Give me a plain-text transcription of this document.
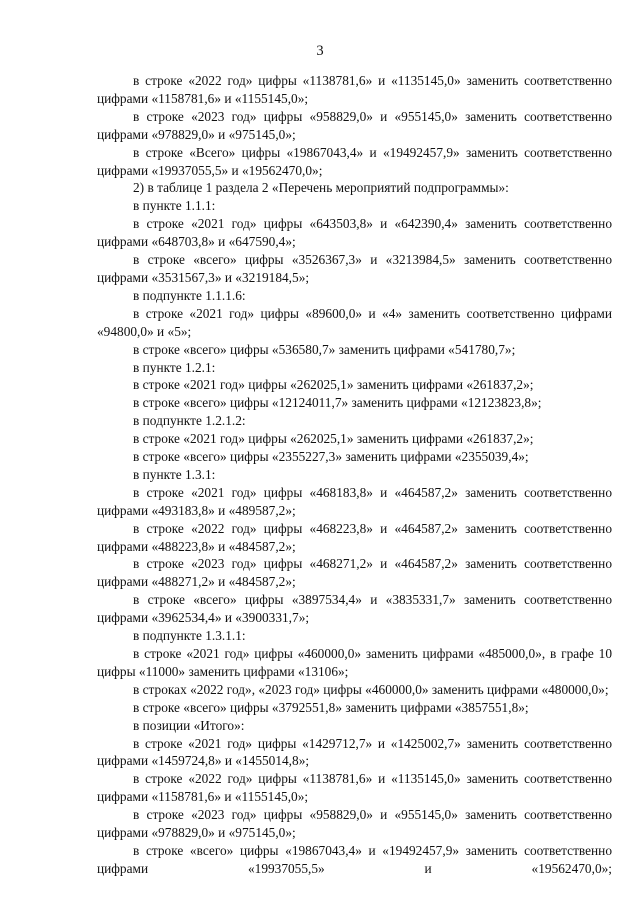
3

в строке «2022 год» цифры «1138781,6» и «1135145,0» заменить соответственно цифрами «1158781,6» и «1155145,0»;

в строке «2023 год» цифры «958829,0» и «955145,0» заменить соответственно цифрами «978829,0» и «975145,0»;

в строке «Всего» цифры «19867043,4» и «19492457,9» заменить соответственно цифрами «19937055,5» и «19562470,0»;

2) в таблице 1 раздела 2 «Перечень мероприятий подпрограммы»:

в пункте 1.1.1:

в строке «2021 год» цифры «643503,8» и «642390,4» заменить соответственно цифрами «648703,8» и «647590,4»;

в строке «всего» цифры «3526367,3» и «3213984,5» заменить соответственно цифрами «3531567,3» и «3219184,5»;

в подпункте 1.1.1.6:

в строке «2021 год» цифры «89600,0» и «4» заменить соответственно цифрами «94800,0» и «5»;

в строке «всего» цифры «536580,7» заменить цифрами «541780,7»;

в пункте 1.2.1:

в строке «2021 год» цифры «262025,1» заменить цифрами «261837,2»;

в строке «всего» цифры «12124011,7» заменить цифрами «12123823,8»;

в подпункте 1.2.1.2:

в строке «2021 год» цифры «262025,1» заменить цифрами «261837,2»;

в строке «всего» цифры «2355227,3» заменить цифрами «2355039,4»;

в пункте 1.3.1:

в строке «2021 год» цифры «468183,8» и «464587,2» заменить соответственно цифрами «493183,8» и «489587,2»;

в строке «2022 год» цифры «468223,8» и «464587,2» заменить соответственно цифрами «488223,8» и «484587,2»;

в строке «2023 год» цифры «468271,2» и «464587,2» заменить соответственно цифрами «488271,2» и «484587,2»;

в строке «всего» цифры «3897534,4» и «3835331,7» заменить соответственно цифрами «3962534,4» и «3900331,7»;

в подпункте 1.3.1.1:

в строке «2021 год» цифры «460000,0» заменить цифрами «485000,0», в графе 10 цифры «11000» заменить цифрами «13106»;

в строках «2022 год», «2023 год» цифры «460000,0» заменить цифрами «480000,0»;

в строке «всего» цифры «3792551,8» заменить цифрами «3857551,8»;

в позиции «Итого»:

в строке «2021 год» цифры «1429712,7» и «1425002,7» заменить соответственно цифрами «1459724,8» и «1455014,8»;

в строке «2022 год» цифры «1138781,6» и «1135145,0» заменить соответственно цифрами «1158781,6» и «1155145,0»;

в строке «2023 год» цифры «958829,0» и «955145,0» заменить соответственно цифрами «978829,0» и «975145,0»;

в строке «всего» цифры «19867043,4» и «19492457,9» заменить соответственно цифрами «19937055,5» и «19562470,0»;
